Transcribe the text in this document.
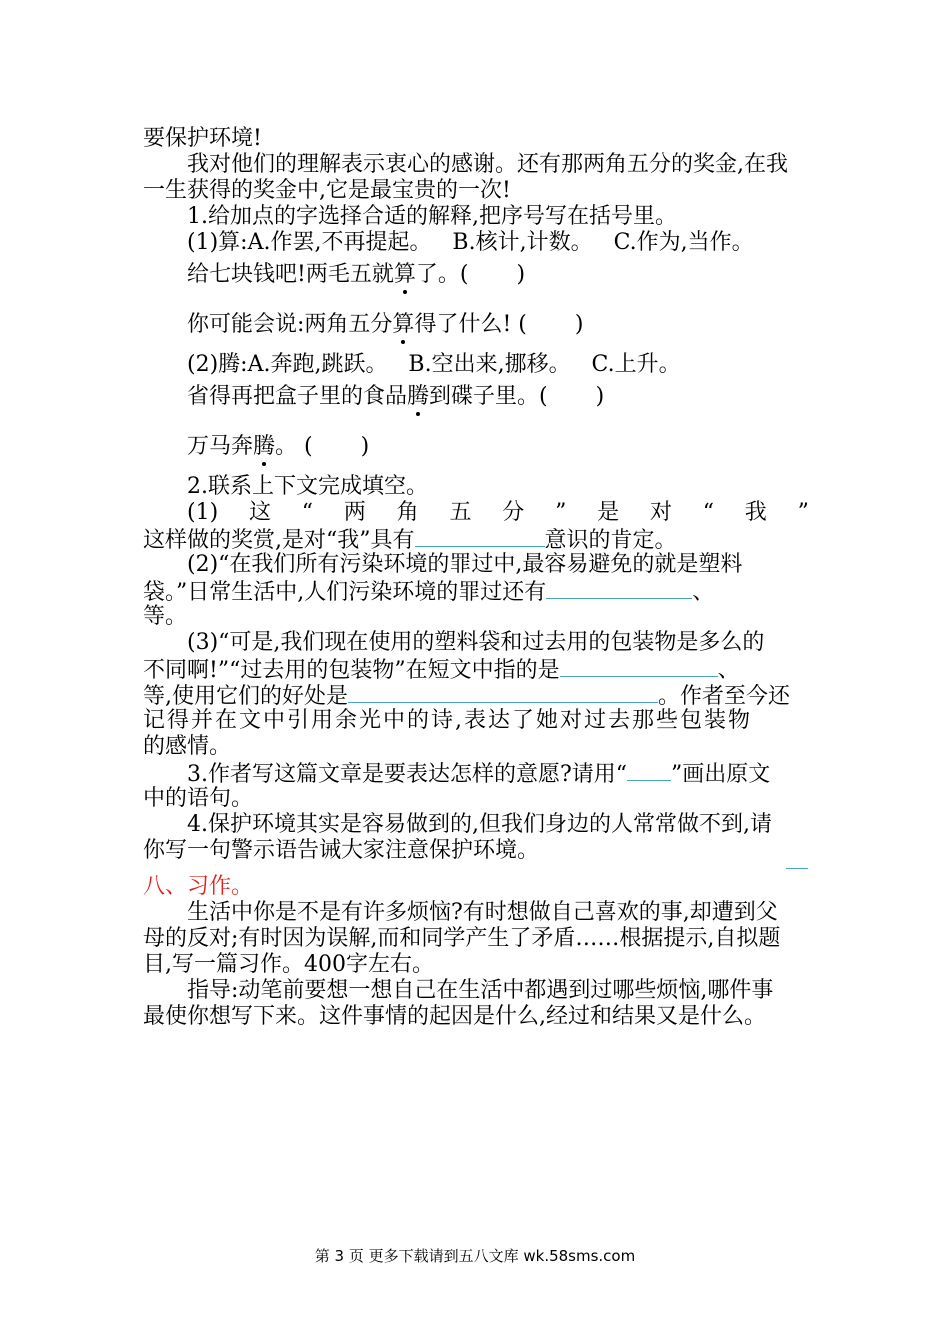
要保护环境!
我对他们的理解表示衷心的感谢。还有那两角五分的奖金,在我
一生获得的奖金中,它是最宝贵的一次!
1.给加点的字选择合适的解释,把序号写在括号里。
(1)算:A.作罢,不再提起。   B.核计,计数。   C.作为,当作。
给七块钱吧!两毛五就算了。( )
你可能会说:两角五分算得了什么! ( )
(2)腾:A.奔跑,跳跃。   B.空出来,挪移。   C.上升。
省得再把盒子里的食品腾到碟子里。( )
万马奔腾。 ( )
2.联系上下文完成填空。
(1) 这 “ 两 角 五 分 ” 是 对 “ 我 ”
这样做的奖赏,是对“我”具有	意识的肯定。
(2)“在我们所有污染环境的罪过中,最容易避免的就是塑料
袋。”日常生活中,人们污染环境的罪过还有	、
等。
(3)“可是,我们现在使用的塑料袋和过去用的包装物是多么的
不同啊!”“过去用的包装物”在短文中指的是	、
等,使用它们的好处是	。作者至今还
记得并在文中引用余光中的诗,表达了她对过去那些包装物
的感情。
3.作者写这篇文章是要表达怎样的意愿?请用“ ”画出原文
中的语句。
4.保护环境其实是容易做到的,但我们身边的人常常做不到,请
你写一句警示语告诫大家注意保护环境。
八、习作。
生活中你是不是有许多烦恼?有时想做自己喜欢的事,却遭到父
母的反对;有时因为误解,而和同学产生了矛盾……根据提示,自拟题
目,写一篇习作。400字左右。
指导:动笔前要想一想自己在生活中都遇到过哪些烦恼,哪件事
最使你想写下来。这件事情的起因是什么,经过和结果又是什么。
第 3 页 更多下载请到五八文库 wk.58sms.com
